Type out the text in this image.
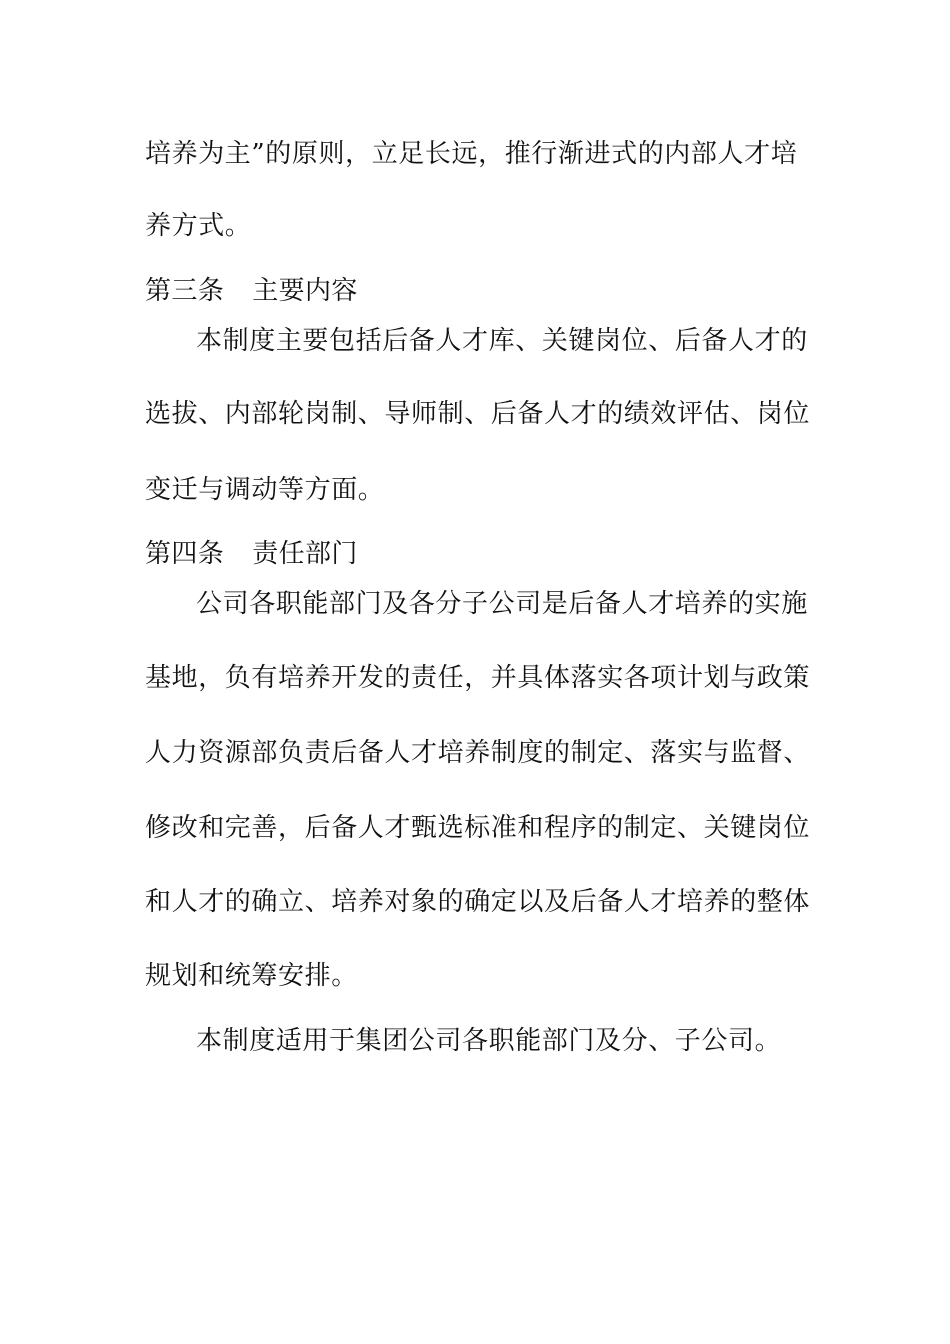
培养为主”的原则，立足长远，推行渐进式的内部人才培
养方式。
第三条 主要内容
本制度主要包括后备人才库、关键岗位、后备人才的
选拔、内部轮岗制、导师制、后备人才的绩效评估、岗位
变迁与调动等方面。
第四条 责任部门
公司各职能部门及各分子公司是后备人才培养的实施
基地，负有培养开发的责任，并具体落实各项计划与政策
人力资源部负责后备人才培养制度的制定、落实与监督、
修改和完善，后备人才甄选标准和程序的制定、关键岗位
和人才的确立、培养对象的确定以及后备人才培养的整体
规划和统筹安排。
本制度适用于集团公司各职能部门及分、子公司。
